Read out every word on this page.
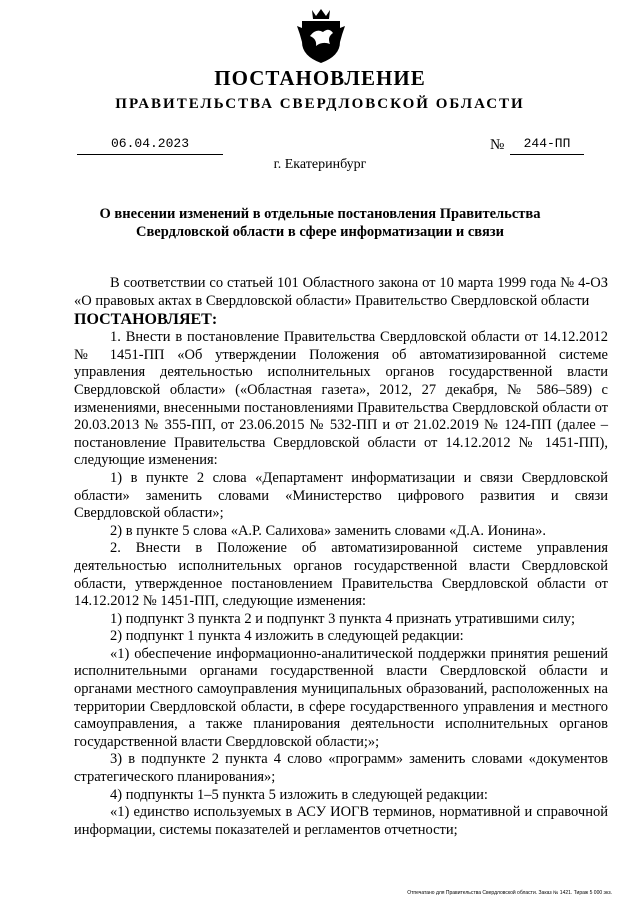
ПОСТАНОВЛЕНИЕ
ПРАВИТЕЛЬСТВА СВЕРДЛОВСКОЙ ОБЛАСТИ
06.04.2023	№	244-ПП
г. Екатеринбург
О внесении изменений в отдельные постановления Правительства Свердловской области в сфере информатизации и связи

В соответствии со статьей 101 Областного закона от 10 марта 1999 года № 4-ОЗ «О правовых актах в Свердловской области» Правительство Свердловской области

ПОСТАНОВЛЯЕТ:

1. Внести в постановление Правительства Свердловской области от 14.12.2012 № 1451-ПП «Об утверждении Положения об автоматизированной системе управления деятельностью исполнительных органов государственной власти Свердловской области» («Областная газета», 2012, 27 декабря, № 586–589) с изменениями, внесенными постановлениями Правительства Свердловской области от 20.03.2013 № 355-ПП, от 23.06.2015 № 532-ПП и от 21.02.2019 № 124-ПП (далее – постановление Правительства Свердловской области от 14.12.2012 № 1451-ПП), следующие изменения:

1) в пункте 2 слова «Департамент информатизации и связи Свердловской области» заменить словами «Министерство цифрового развития и связи Свердловской области»;

2) в пункте 5 слова «А.Р. Салихова» заменить словами «Д.А. Ионина».

2. Внести в Положение об автоматизированной системе управления деятельностью исполнительных органов государственной власти Свердловской области, утвержденное постановлением Правительства Свердловской области от 14.12.2012 № 1451-ПП, следующие изменения:

1) подпункт 3 пункта 2 и подпункт 3 пункта 4 признать утратившими силу;

2) подпункт 1 пункта 4 изложить в следующей редакции:

«1) обеспечение информационно-аналитической поддержки принятия решений исполнительными органами государственной власти Свердловской области и органами местного самоуправления муниципальных образований, расположенных на территории Свердловской области, в сфере государственного управления и местного самоуправления, а также планирования деятельности исполнительных органов государственной власти Свердловской области;»;

3) в подпункте 2 пункта 4 слово «программ» заменить словами «документов стратегического планирования»;

4) подпункты 1–5 пункта 5 изложить в следующей редакции:

«1) единство используемых в АСУ ИОГВ терминов, нормативной и справочной информации, системы показателей и регламентов отчетности;

Отпечатано для Правительства Свердловской области. Заказ № 1421. Тираж 5 000 экз.
